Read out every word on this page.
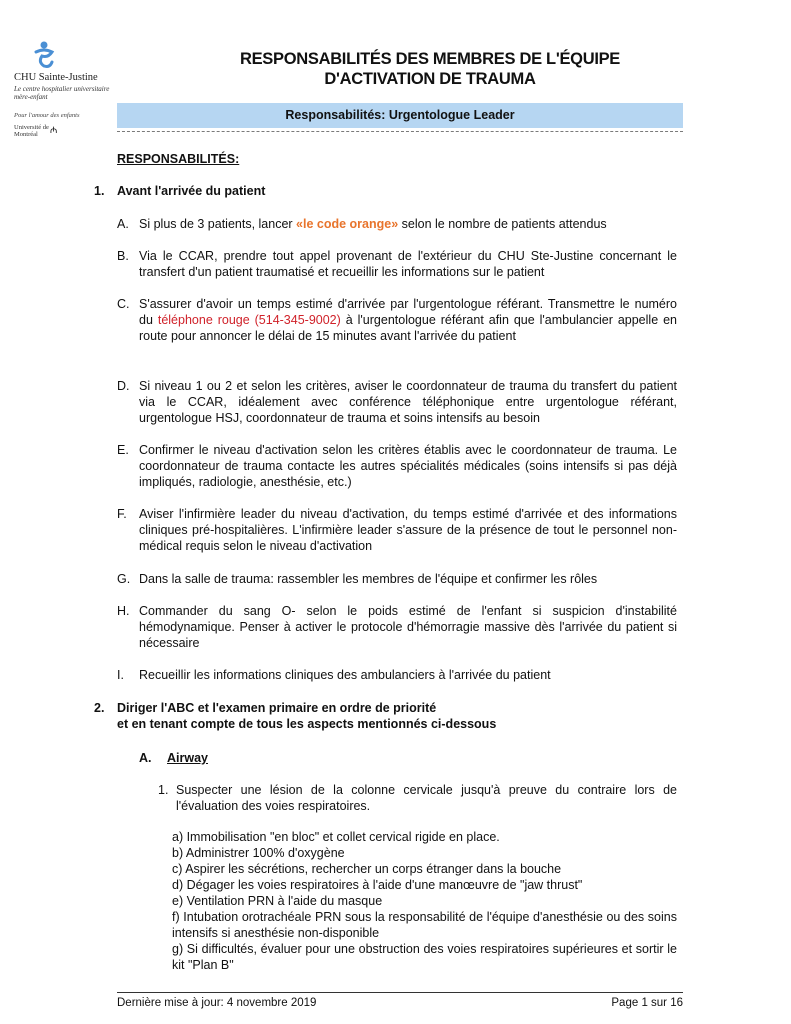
CHU Sainte-Justine
Le centre hospitalier universitaire mère-enfant
Pour l'amour des enfants
Université de Montréal	₼
RESPONSABILITÉS DES MEMBRES DE L'ÉQUIPE
D'ACTIVATION DE TRAUMA
Responsabilités: Urgentologue Leader
RESPONSABILITÉS:
1. Avant l'arrivée du patient
A. Si plus de 3 patients, lancer «le code orange» selon le nombre de patients attendus
B. Via le CCAR, prendre tout appel provenant de l'extérieur du CHU Ste-Justine concernant le transfert d'un patient traumatisé et recueillir les informations sur le patient
C. S'assurer d'avoir un temps estimé d'arrivée par l'urgentologue référant. Transmettre le numéro du téléphone rouge (514-345-9002) à l'urgentologue référant afin que l'ambulancier appelle en route pour annoncer le délai de 15 minutes avant l'arrivée du patient
D. Si niveau 1 ou 2 et selon les critères, aviser le coordonnateur de trauma du transfert du patient via le CCAR, idéalement avec conférence téléphonique entre urgentologue référant, urgentologue HSJ, coordonnateur de trauma et soins intensifs au besoin
E. Confirmer le niveau d'activation selon les critères établis avec le coordonnateur de trauma. Le coordonnateur de trauma contacte les autres spécialités médicales (soins intensifs si pas déjà impliqués, radiologie, anesthésie, etc.)
F. Aviser l'infirmière leader du niveau d'activation, du temps estimé d'arrivée et des informations cliniques pré-hospitalières. L'infirmière leader s'assure de la présence de tout le personnel non-médical requis selon le niveau d'activation
G. Dans la salle de trauma: rassembler les membres de l'équipe et confirmer les rôles
H. Commander du sang O- selon le poids estimé de l'enfant si suspicion d'instabilité hémodynamique. Penser à activer le protocole d'hémorragie massive dès l'arrivée du patient si nécessaire
I. Recueillir les informations cliniques des ambulanciers à l'arrivée du patient
2. Diriger l'ABC et l'examen primaire en ordre de priorité
et en tenant compte de tous les aspects mentionnés ci-dessous
A. Airway
1. Suspecter une lésion de la colonne cervicale jusqu'à preuve du contraire lors de l'évaluation des voies respiratoires.
a) Immobilisation "en bloc" et collet cervical rigide en place.
b) Administrer 100% d'oxygène
c) Aspirer les sécrétions, rechercher un corps étranger dans la bouche
d) Dégager les voies respiratoires à l'aide d'une manœuvre de "jaw thrust"
e) Ventilation PRN à l'aide du masque
f) Intubation orotrachéale PRN sous la responsabilité de l'équipe d'anesthésie ou des soins intensifs si anesthésie non-disponible
g) Si difficultés, évaluer pour une obstruction des voies respiratoires supérieures et sortir le kit "Plan B"
Dernière mise à jour: 4 novembre 2019	Page 1 sur 16
